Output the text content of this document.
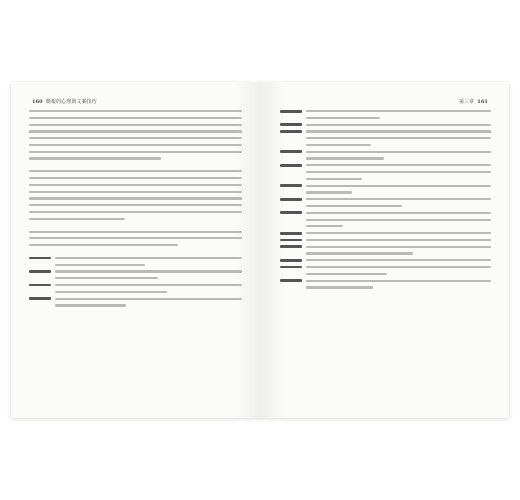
160 簡報的心理與文案技巧	第三章 161
